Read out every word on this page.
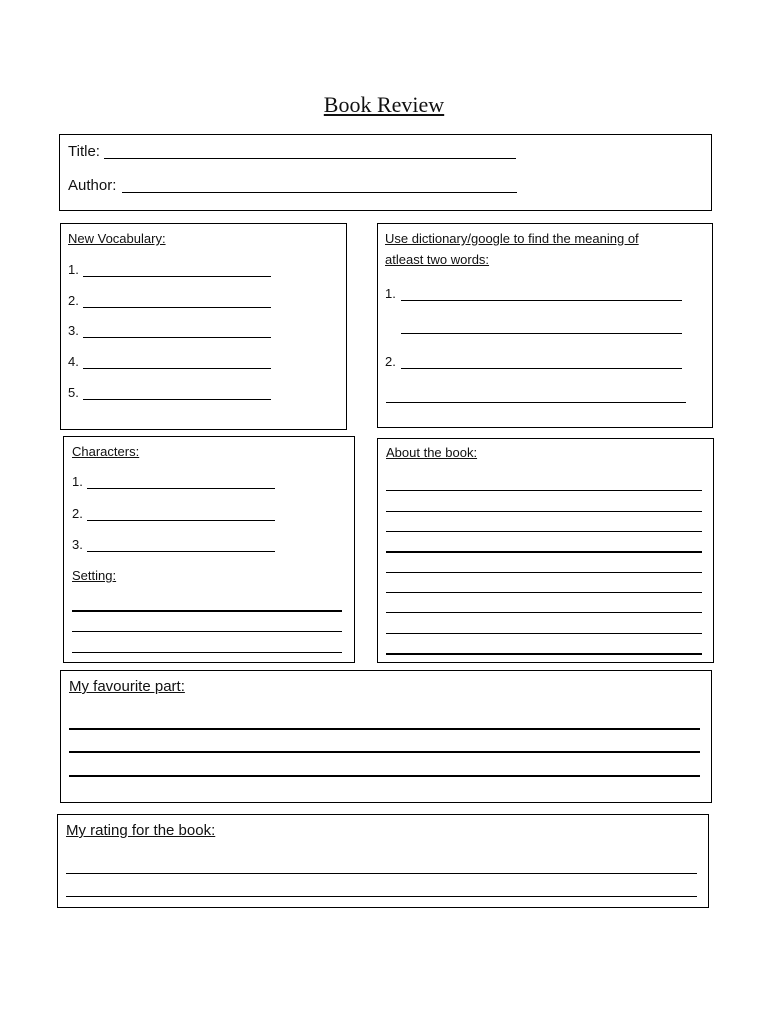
Book Review
Title:
Author:
New Vocabulary:
1.
2.
3.
4.
5.
Use dictionary/google to find the meaning of
atleast two words:
1.
2.
Characters:
1.
2.
3.
Setting:
About the book:
My favourite part:
My rating for the book:
